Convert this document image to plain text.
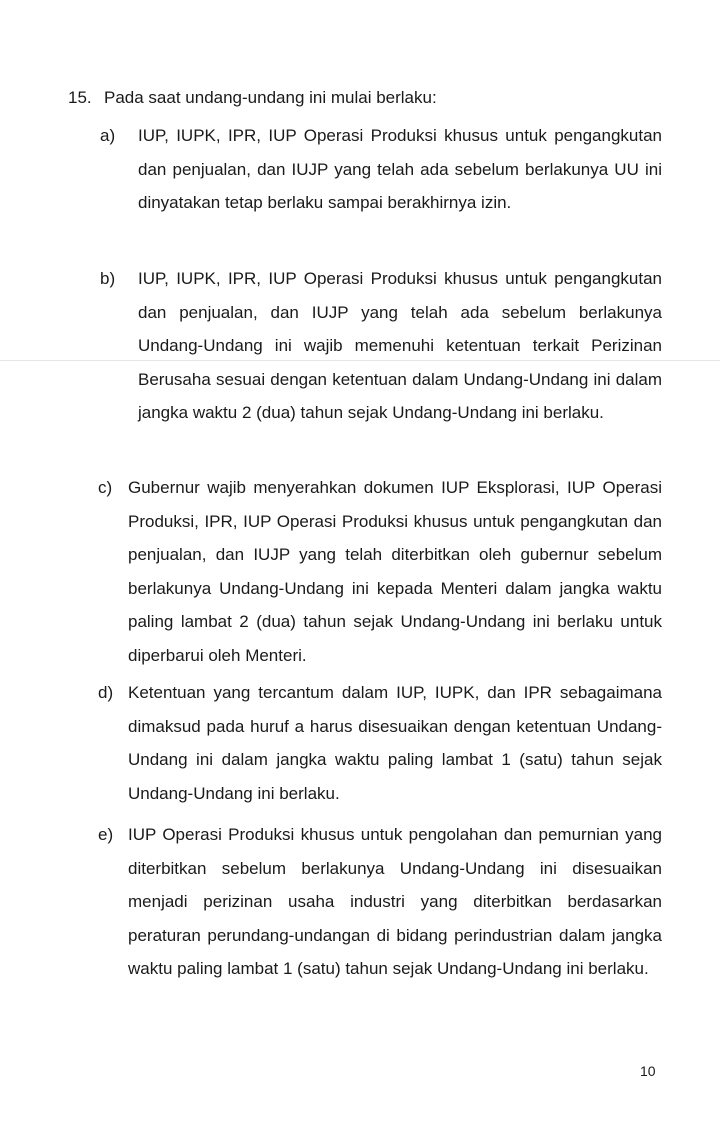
15. Pada saat undang-undang ini mulai berlaku:
a) IUP, IUPK, IPR, IUP Operasi Produksi khusus untuk pengangkutan dan penjualan, dan IUJP yang telah ada sebelum berlakunya UU ini dinyatakan tetap berlaku sampai berakhirnya izin.

b) IUP, IUPK, IPR, IUP Operasi Produksi khusus untuk pengangkutan dan penjualan, dan IUJP yang telah ada sebelum berlakunya Undang-Undang ini wajib memenuhi ketentuan terkait Perizinan Berusaha sesuai dengan ketentuan dalam Undang-Undang ini dalam jangka waktu 2 (dua) tahun sejak Undang-Undang ini berlaku.

c) Gubernur wajib menyerahkan dokumen IUP Eksplorasi, IUP Operasi Produksi, IPR, IUP Operasi Produksi khusus untuk pengangkutan dan penjualan, dan IUJP yang telah diterbitkan oleh gubernur sebelum berlakunya Undang-Undang ini kepada Menteri dalam jangka waktu paling lambat 2 (dua) tahun sejak Undang-Undang ini berlaku untuk diperbarui oleh Menteri.

d) Ketentuan yang tercantum dalam IUP, IUPK, dan IPR sebagaimana dimaksud pada huruf a harus disesuaikan dengan ketentuan Undang-Undang ini dalam jangka waktu paling lambat 1 (satu) tahun sejak Undang-Undang ini berlaku.

e) IUP Operasi Produksi khusus untuk pengolahan dan pemurnian yang diterbitkan sebelum berlakunya Undang-Undang ini disesuaikan menjadi perizinan usaha industri yang diterbitkan berdasarkan peraturan perundang-undangan di bidang perindustrian dalam jangka waktu paling lambat 1 (satu) tahun sejak Undang-Undang ini berlaku.

10
